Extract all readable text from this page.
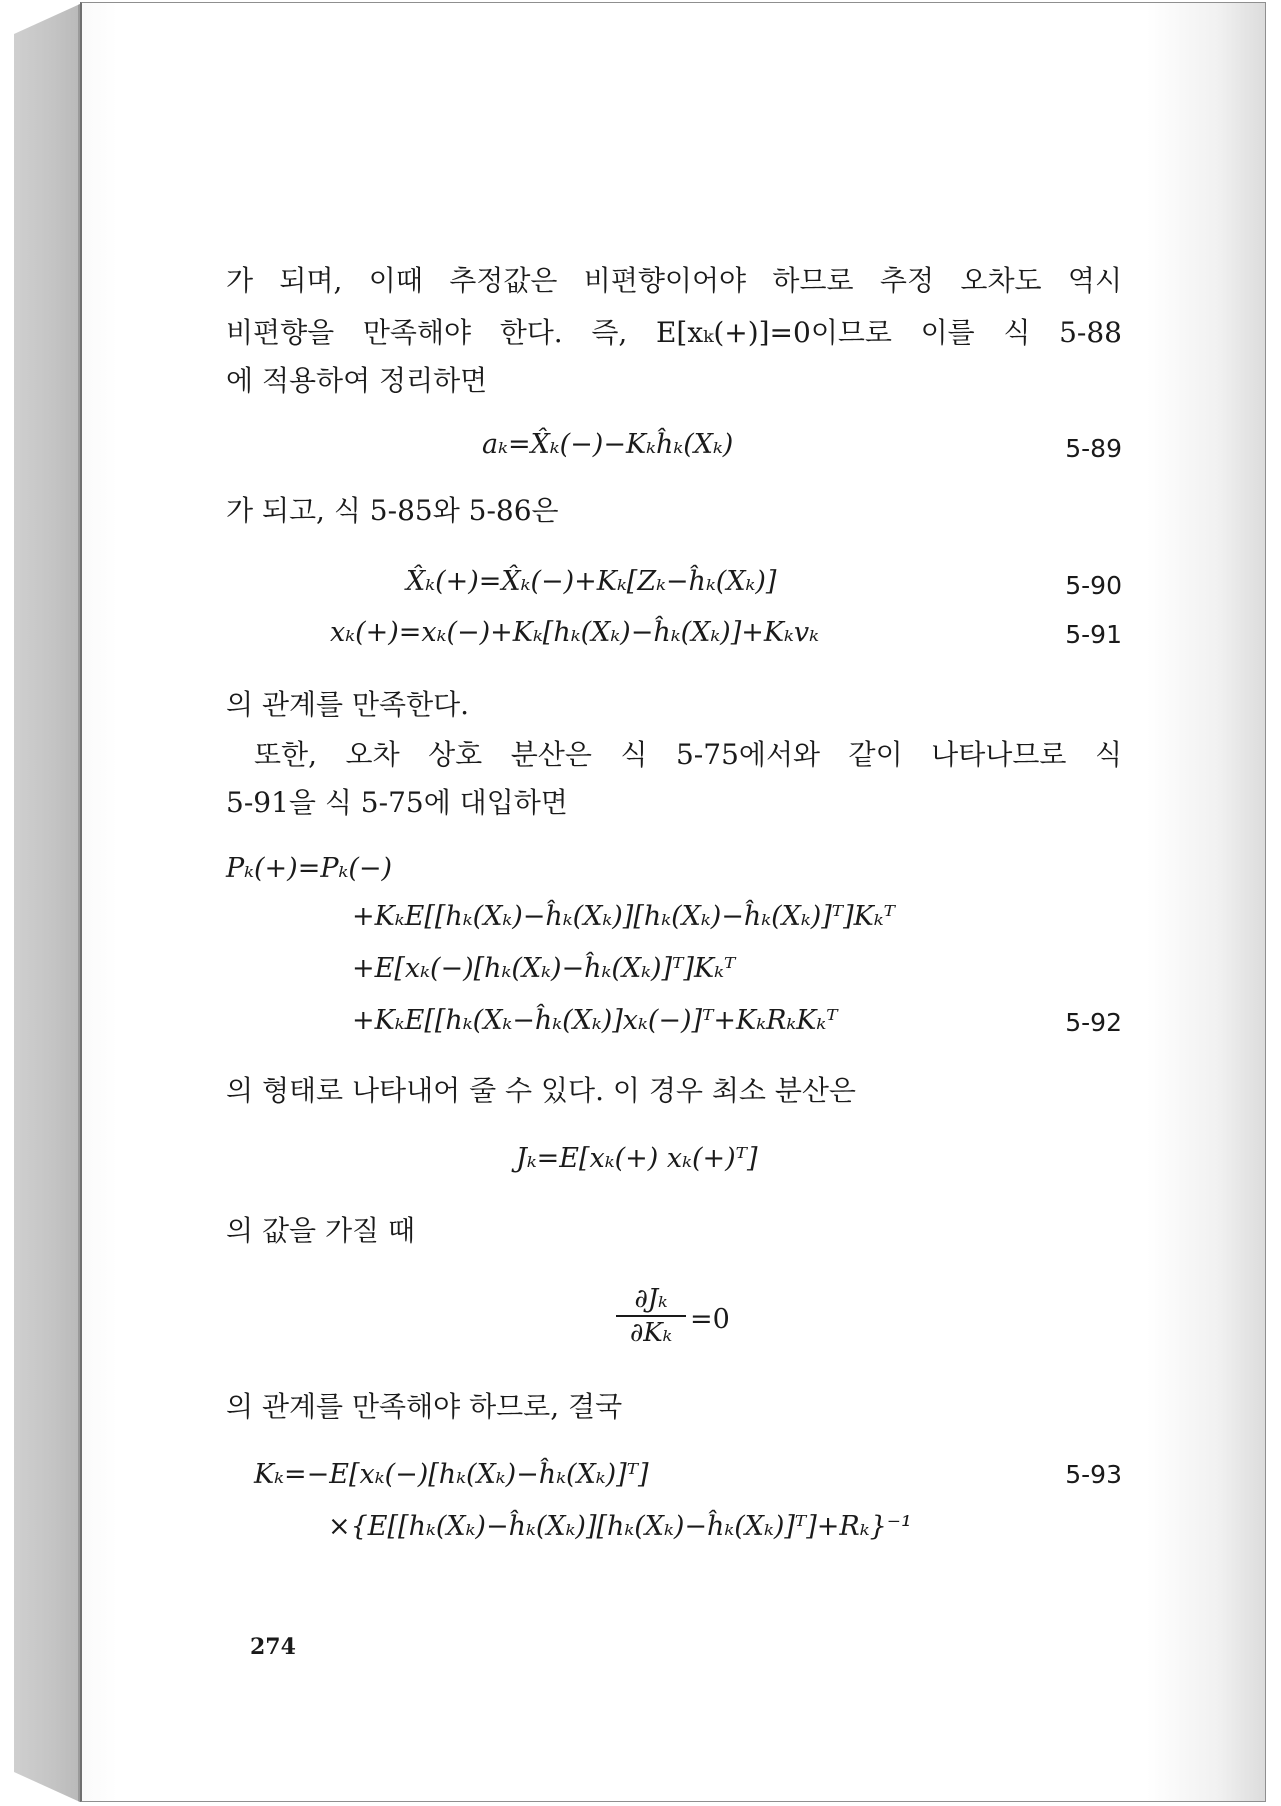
가 되며, 이때 추정값은 비편향이어야 하므로 추정 오차도 역시

비편향을 만족해야 한다. 즉, E[xₖ(+)]=0이므로 이를 식 5-88

에 적용하여 정리하면

aₖ=X̂ₖ(−)−Kₖĥₖ(Xₖ)	5-89

가 되고, 식 5-85와 5-86은

X̂ₖ(+)=X̂ₖ(−)+Kₖ[Zₖ−ĥₖ(Xₖ)]	5-90

xₖ(+)=xₖ(−)+Kₖ[hₖ(Xₖ)−ĥₖ(Xₖ)]+Kₖvₖ	5-91

의 관계를 만족한다.

또한, 오차 상호 분산은 식 5-75에서와 같이 나타나므로 식

5-91을 식 5-75에 대입하면

Pₖ(+)=Pₖ(−)

+KₖE[[hₖ(Xₖ)−ĥₖ(Xₖ)][hₖ(Xₖ)−ĥₖ(Xₖ)]ᵀ]Kₖᵀ

+E[xₖ(−)[hₖ(Xₖ)−ĥₖ(Xₖ)]ᵀ]Kₖᵀ

+KₖE[[hₖ(Xₖ−ĥₖ(Xₖ)]xₖ(−)]ᵀ+KₖRₖKₖᵀ	5-92

의 형태로 나타내어 줄 수 있다. 이 경우 최소 분산은

Jₖ=E[xₖ(+) xₖ(+)ᵀ]

의 값을 가질 때

$\frac{\text{∂Jₖ}}{\text{∂Kₖ}} =0$

의 관계를 만족해야 하므로, 결국

Kₖ=−E[xₖ(−)[hₖ(Xₖ)−ĥₖ(Xₖ)]ᵀ]	5-93

×{E[[hₖ(Xₖ)−ĥₖ(Xₖ)][hₖ(Xₖ)−ĥₖ(Xₖ)]ᵀ]+Rₖ}⁻¹

274
